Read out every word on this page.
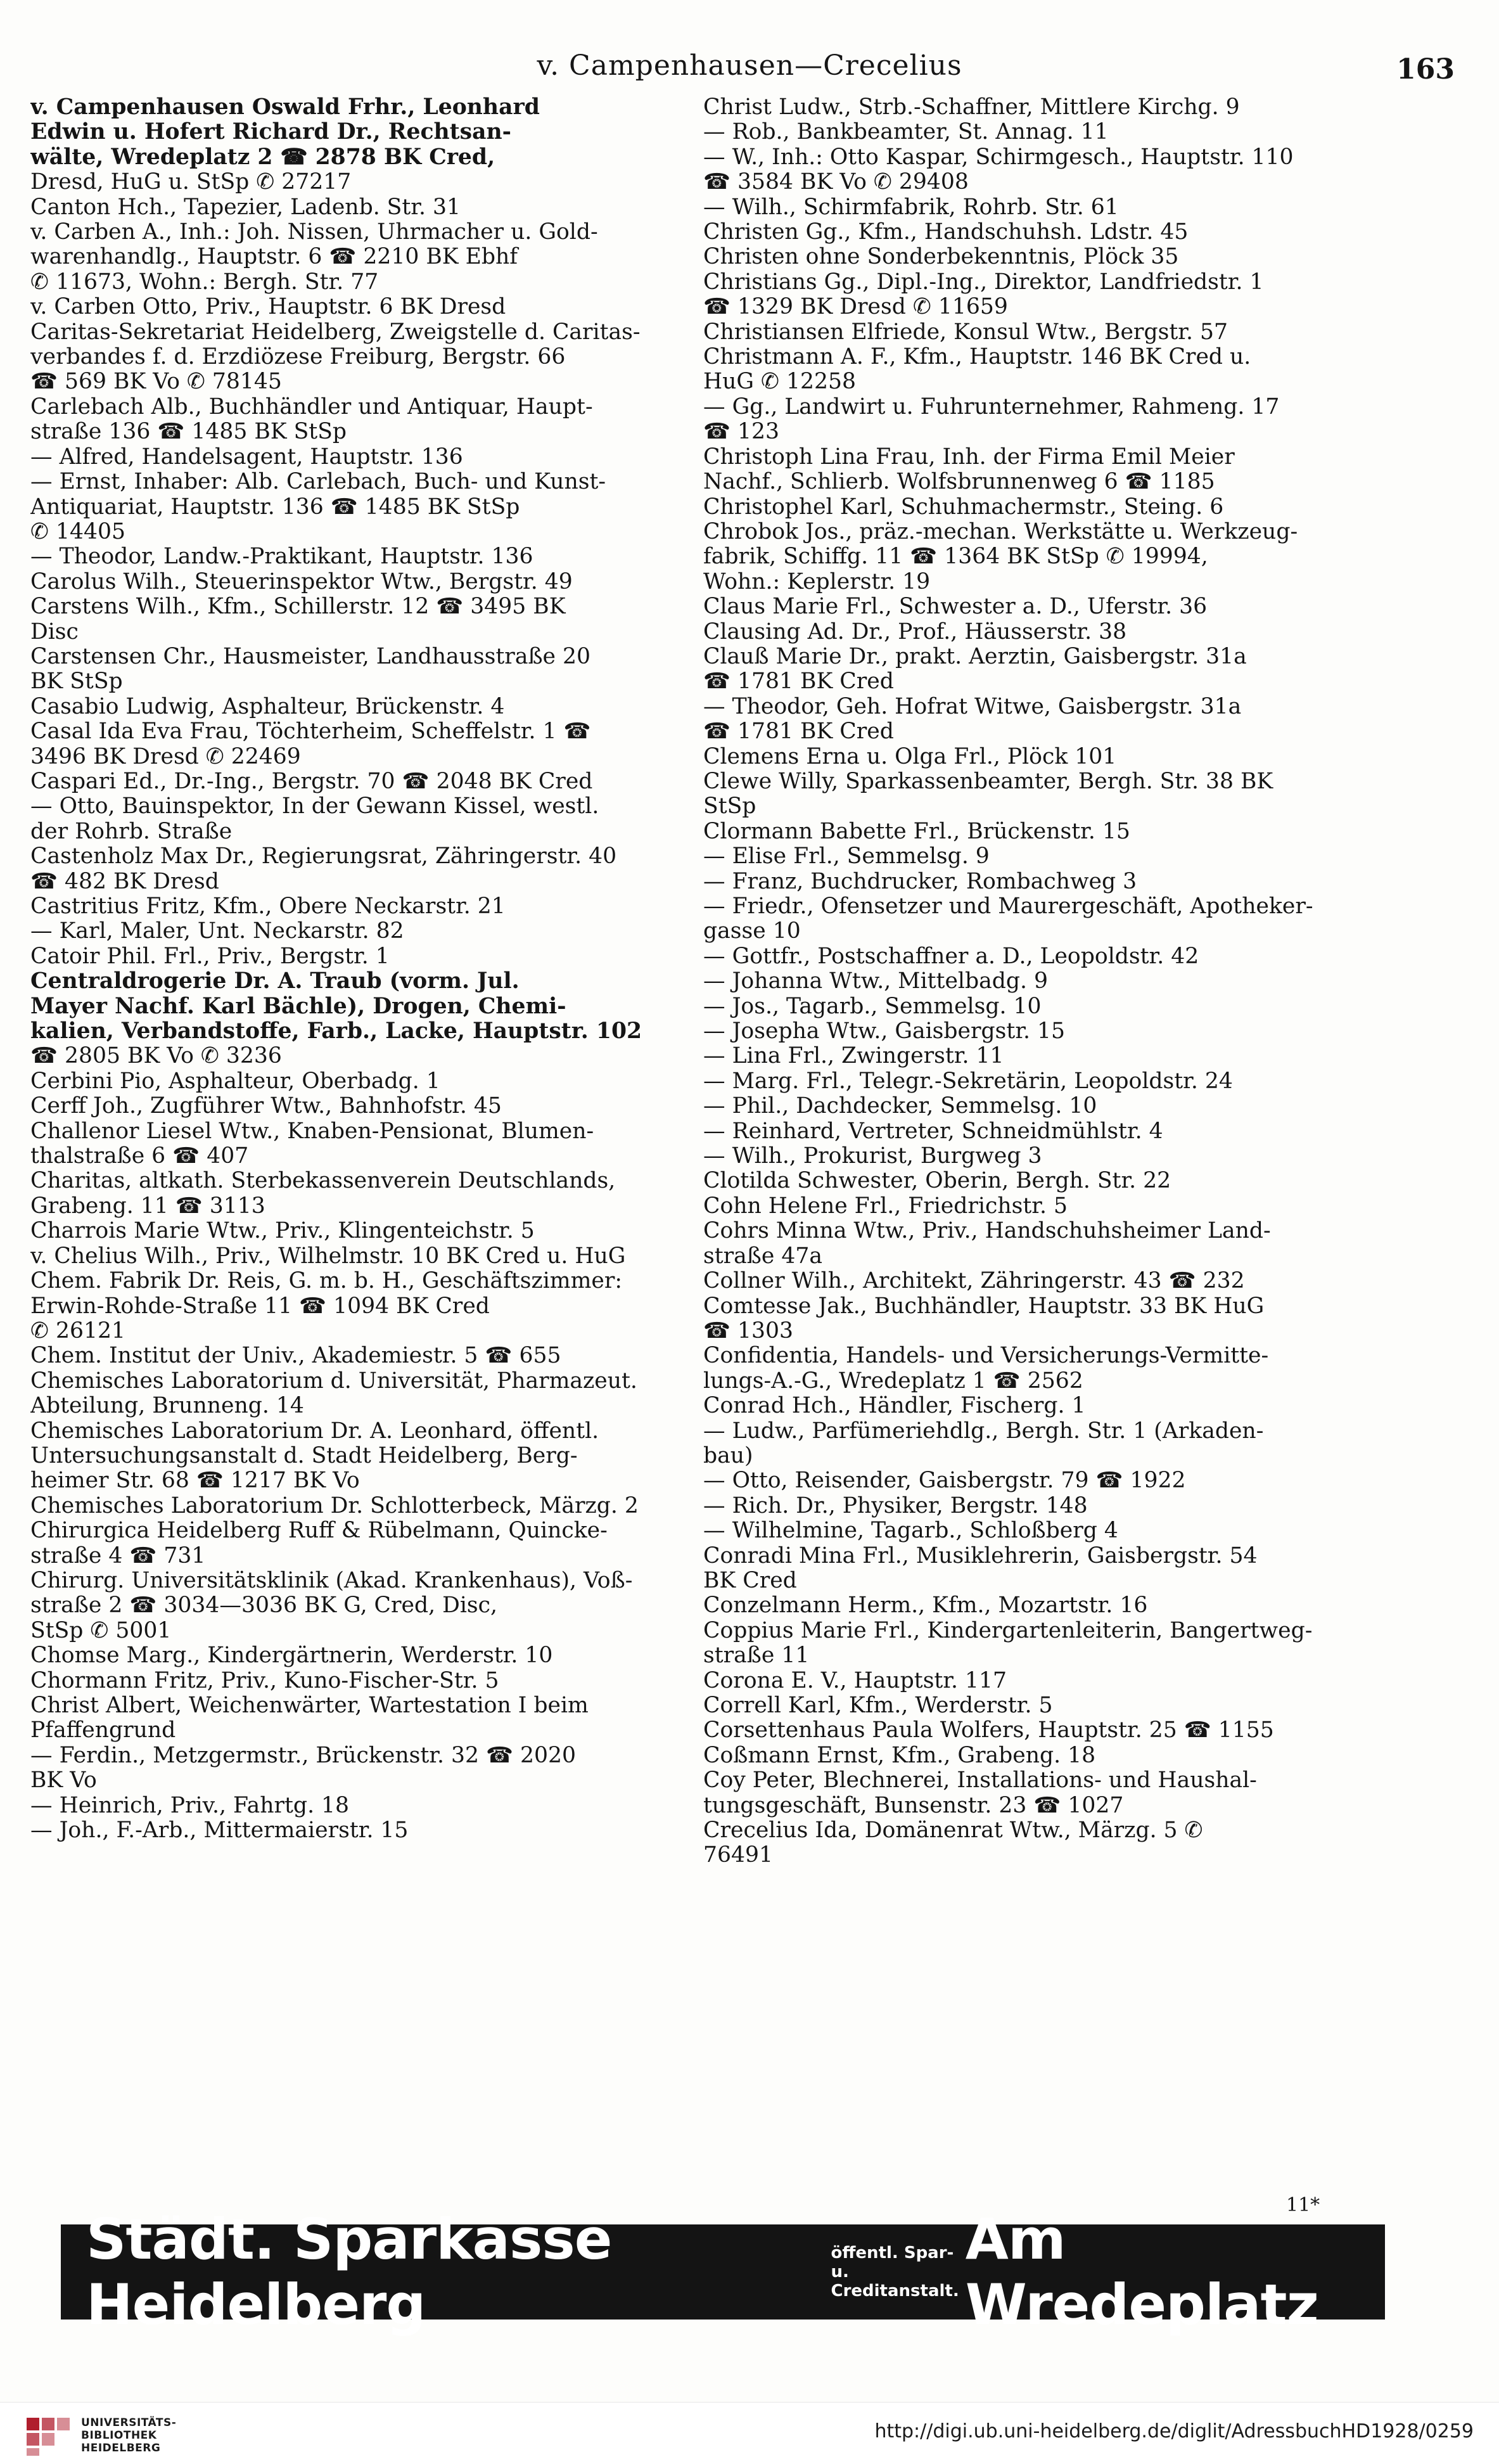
v. Campenhausen—Crecelius	163
v. Campenhausen Oswald Frhr., Leonhard
Edwin u. Hofert Richard Dr., Rechtsan-
wälte, Wredeplatz 2 ☎ 2878 BK Cred,
Dresd, HuG u. StSp ✆ 27217
Canton Hch., Tapezier, Ladenb. Str. 31
v. Carben A., Inh.: Joh. Nissen, Uhrmacher u. Gold-
warenhandlg., Hauptstr. 6 ☎ 2210 BK Ebhf
✆ 11673, Wohn.: Bergh. Str. 77
v. Carben Otto, Priv., Hauptstr. 6 BK Dresd
Caritas-Sekretariat Heidelberg, Zweigstelle d. Caritas-
verbandes f. d. Erzdiözese Freiburg, Bergstr. 66
☎ 569 BK Vo ✆ 78145
Carlebach Alb., Buchhändler und Antiquar, Haupt-
straße 136 ☎ 1485 BK StSp
— Alfred, Handelsagent, Hauptstr. 136
— Ernst, Inhaber: Alb. Carlebach, Buch- und Kunst-
Antiquariat, Hauptstr. 136 ☎ 1485 BK StSp
✆ 14405
— Theodor, Landw.-Praktikant, Hauptstr. 136
Carolus Wilh., Steuerinspektor Wtw., Bergstr. 49
Carstens Wilh., Kfm., Schillerstr. 12 ☎ 3495 BK
Disc
Carstensen Chr., Hausmeister, Landhausstraße 20
BK StSp
Casabio Ludwig, Asphalteur, Brückenstr. 4
Casal Ida Eva Frau, Töchterheim, Scheffelstr. 1 ☎
3496 BK Dresd ✆ 22469
Caspari Ed., Dr.-Ing., Bergstr. 70 ☎ 2048 BK Cred
— Otto, Bauinspektor, In der Gewann Kissel, westl.
der Rohrb. Straße
Castenholz Max Dr., Regierungsrat, Zähringerstr. 40
☎ 482 BK Dresd
Castritius Fritz, Kfm., Obere Neckarstr. 21
— Karl, Maler, Unt. Neckarstr. 82
Catoir Phil. Frl., Priv., Bergstr. 1
Centraldrogerie Dr. A. Traub (vorm. Jul.
Mayer Nachf. Karl Bächle), Drogen, Chemi-
kalien, Verbandstoffe, Farb., Lacke, Hauptstr. 102
☎ 2805 BK Vo ✆ 3236
Cerbini Pio, Asphalteur, Oberbadg. 1
Cerff Joh., Zugführer Wtw., Bahnhofstr. 45
Challenor Liesel Wtw., Knaben-Pensionat, Blumen-
thalstraße 6 ☎ 407
Charitas, altkath. Sterbekassenverein Deutschlands,
Grabeng. 11 ☎ 3113
Charrois Marie Wtw., Priv., Klingenteichstr. 5
v. Chelius Wilh., Priv., Wilhelmstr. 10 BK Cred u. HuG
Chem. Fabrik Dr. Reis, G. m. b. H., Geschäftszimmer:
Erwin-Rohde-Straße 11 ☎ 1094 BK Cred
✆ 26121
Chem. Institut der Univ., Akademiestr. 5 ☎ 655
Chemisches Laboratorium d. Universität, Pharmazeut.
Abteilung, Brunneng. 14
Chemisches Laboratorium Dr. A. Leonhard, öffentl.
Untersuchungsanstalt d. Stadt Heidelberg, Berg-
heimer Str. 68 ☎ 1217 BK Vo
Chemisches Laboratorium Dr. Schlotterbeck, Märzg. 2
Chirurgica Heidelberg Ruff & Rübelmann, Quincke-
straße 4 ☎ 731
Chirurg. Universitätsklinik (Akad. Krankenhaus), Voß-
straße 2 ☎ 3034—3036 BK G, Cred, Disc,
StSp ✆ 5001
Chomse Marg., Kindergärtnerin, Werderstr. 10
Chormann Fritz, Priv., Kuno-Fischer-Str. 5
Christ Albert, Weichenwärter, Wartestation I beim
Pfaffengrund
— Ferdin., Metzgermstr., Brückenstr. 32 ☎ 2020
BK Vo
— Heinrich, Priv., Fahrtg. 18
— Joh., F.-Arb., Mittermaierstr. 15
Christ Ludw., Strb.-Schaffner, Mittlere Kirchg. 9
— Rob., Bankbeamter, St. Annag. 11
— W., Inh.: Otto Kaspar, Schirmgesch., Hauptstr. 110
☎ 3584 BK Vo ✆ 29408
— Wilh., Schirmfabrik, Rohrb. Str. 61
Christen Gg., Kfm., Handschuhsh. Ldstr. 45
Christen ohne Sonderbekenntnis, Plöck 35
Christians Gg., Dipl.-Ing., Direktor, Landfriedstr. 1
☎ 1329 BK Dresd ✆ 11659
Christiansen Elfriede, Konsul Wtw., Bergstr. 57
Christmann A. F., Kfm., Hauptstr. 146 BK Cred u.
HuG ✆ 12258
— Gg., Landwirt u. Fuhrunternehmer, Rahmeng. 17
☎ 123
Christoph Lina Frau, Inh. der Firma Emil Meier
Nachf., Schlierb. Wolfsbrunnenweg 6 ☎ 1185
Christophel Karl, Schuhmachermstr., Steing. 6
Chrobok Jos., präz.-mechan. Werkstätte u. Werkzeug-
fabrik, Schiffg. 11 ☎ 1364 BK StSp ✆ 19994,
Wohn.: Keplerstr. 19
Claus Marie Frl., Schwester a. D., Uferstr. 36
Clausing Ad. Dr., Prof., Häusserstr. 38
Clauß Marie Dr., prakt. Aerztin, Gaisbergstr. 31a
☎ 1781 BK Cred
— Theodor, Geh. Hofrat Witwe, Gaisbergstr. 31a
☎ 1781 BK Cred
Clemens Erna u. Olga Frl., Plöck 101
Clewe Willy, Sparkassenbeamter, Bergh. Str. 38 BK
StSp
Clormann Babette Frl., Brückenstr. 15
— Elise Frl., Semmelsg. 9
— Franz, Buchdrucker, Rombachweg 3
— Friedr., Ofensetzer und Maurergeschäft, Apotheker-
gasse 10
— Gottfr., Postschaffner a. D., Leopoldstr. 42
— Johanna Wtw., Mittelbadg. 9
— Jos., Tagarb., Semmelsg. 10
— Josepha Wtw., Gaisbergstr. 15
— Lina Frl., Zwingerstr. 11
— Marg. Frl., Telegr.-Sekretärin, Leopoldstr. 24
— Phil., Dachdecker, Semmelsg. 10
— Reinhard, Vertreter, Schneidmühlstr. 4
— Wilh., Prokurist, Burgweg 3
Clotilda Schwester, Oberin, Bergh. Str. 22
Cohn Helene Frl., Friedrichstr. 5
Cohrs Minna Wtw., Priv., Handschuhsheimer Land-
straße 47a
Collner Wilh., Architekt, Zähringerstr. 43 ☎ 232
Comtesse Jak., Buchhändler, Hauptstr. 33 BK HuG
☎ 1303
Confidentia, Handels- und Versicherungs-Vermitte-
lungs-A.-G., Wredeplatz 1 ☎ 2562
Conrad Hch., Händler, Fischerg. 1
— Ludw., Parfümeriehdlg., Bergh. Str. 1 (Arkaden-
bau)
— Otto, Reisender, Gaisbergstr. 79 ☎ 1922
— Rich. Dr., Physiker, Bergstr. 148
— Wilhelmine, Tagarb., Schloßberg 4
Conradi Mina Frl., Musiklehrerin, Gaisbergstr. 54
BK Cred
Conzelmann Herm., Kfm., Mozartstr. 16
Coppius Marie Frl., Kindergartenleiterin, Bangertweg-
straße 11
Corona E. V., Hauptstr. 117
Correll Karl, Kfm., Werderstr. 5
Corsettenhaus Paula Wolfers, Hauptstr. 25 ☎ 1155
Coßmann Ernst, Kfm., Grabeng. 18
Coy Peter, Blechnerei, Installations- und Haushal-
tungsgeschäft, Bunsenstr. 23 ☎ 1027
Crecelius Ida, Domänenrat Wtw., Märzg. 5 ✆
76491
11*
Städt. Sparkasse Heidelberg
öffentl. Spar- u.
Creditanstalt.
Am Wredeplatz
UNIVERSITÄTS-
BIBLIOTHEK
HEIDELBERG
http://digi.ub.uni-heidelberg.de/diglit/AdressbuchHD1928/0259
